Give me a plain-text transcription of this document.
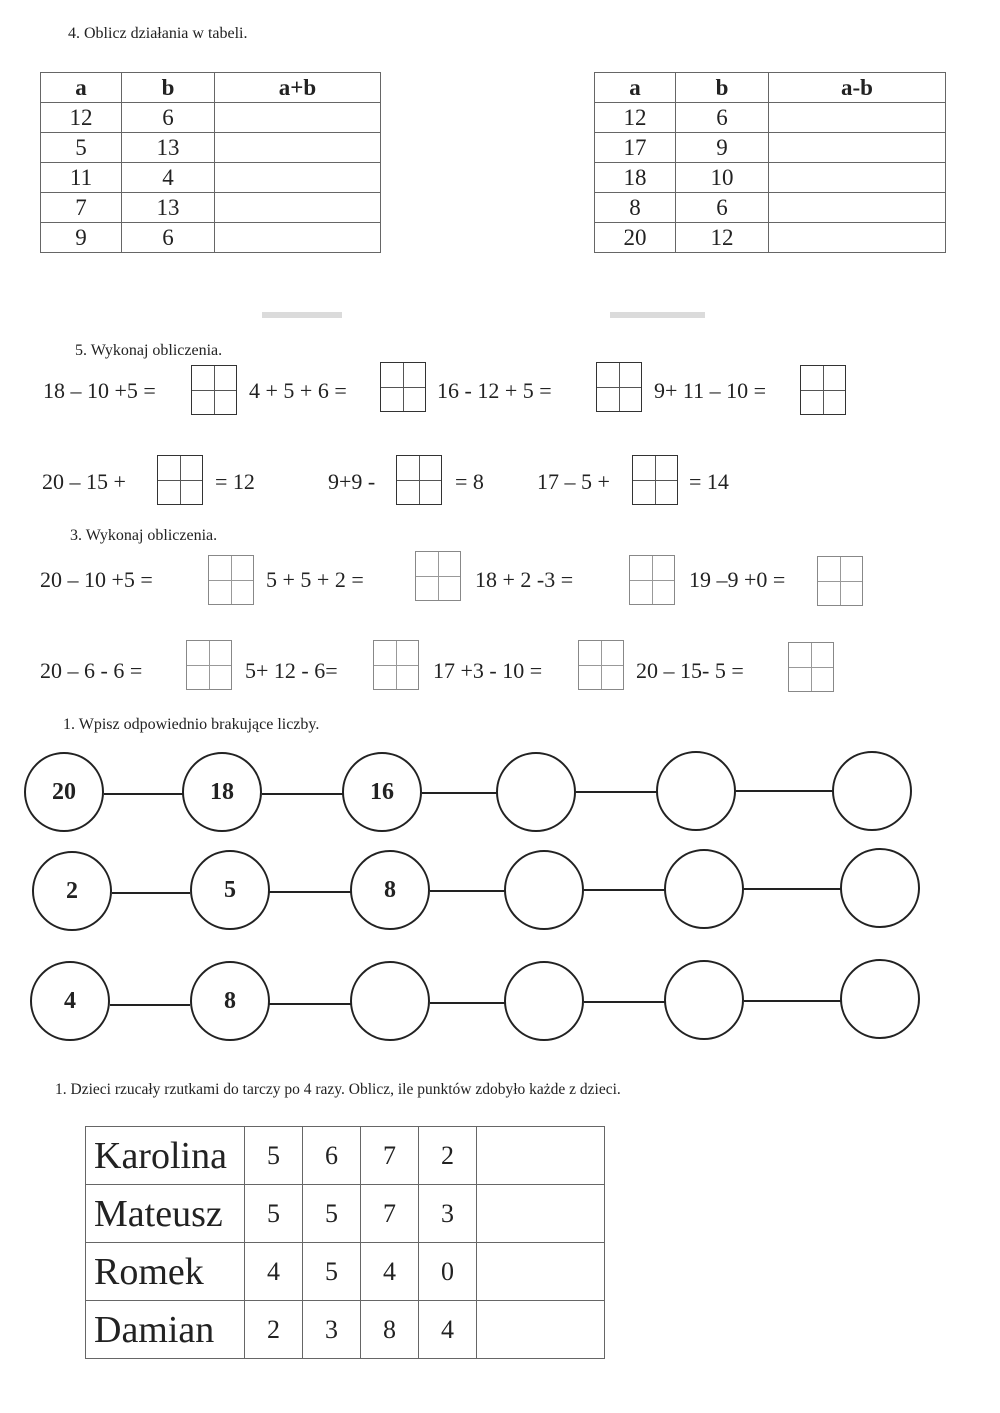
4. Oblicz działania w tabeli.
a	b	a+b
12	6	
5	13	
11	4	
7	13	
9	6	
a	b	a-b
12	6	
17	9	
18	10	
8	6	
20	12	
5. Wykonaj obliczenia.
18 – 10 +5 =	4 + 5 + 6 =	16 - 12 + 5 =	9+ 11 – 10 =
20 – 15 +	= 12	9+9 -	= 8 17 – 5 +	= 14
3. Wykonaj obliczenia.
20 – 10 +5 =	5 + 5 + 2 =	18 + 2 -3 =	19 –9 +0 =
20 – 6 - 6 =	5+ 12 - 6=	17 +3 - 10 =	20 – 15- 5 =
1. Wpisz odpowiednio brakujące liczby.
20	18	16
2	5	8
4	8
1. Dzieci rzucały rzutkami do tarczy po 4 razy. Oblicz, ile punktów zdobyło każde z dzieci.
Karolina	5	6	7	2	
Mateusz	5	5	7	3	
Romek	4	5	4	0	
Damian	2	3	8	4	
